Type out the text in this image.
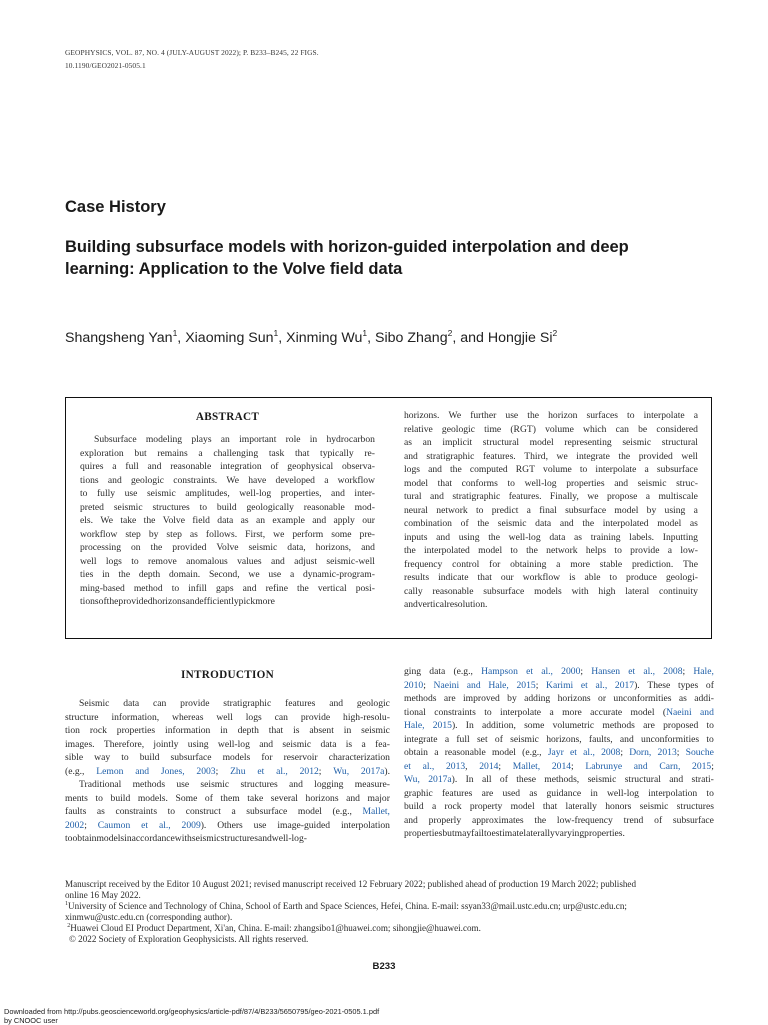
GEOPHYSICS, VOL. 87, NO. 4 (JULY-AUGUST 2022); P. B233–B245, 22 FIGS.
10.1190/GEO2021-0505.1
Case History
Building subsurface models with horizon-guided interpolation and deep
learning: Application to the Volve field data
Shangsheng Yan$^1$, Xiaoming Sun$^1$, Xinming Wu$^1$, Sibo Zhang$^2$, and Hongjie Si$^2$
ABSTRACT
Subsurface modeling plays an important role in hydrocarbon
exploration but remains a challenging task that typically re-
quires a full and reasonable integration of geophysical observa-
tions and geologic constraints. We have developed a workflow
to fully use seismic amplitudes, well-log properties, and inter-
preted seismic structures to build geologically reasonable mod-
els. We take the Volve field data as an example and apply our
workflow step by step as follows. First, we perform some pre-
processing on the provided Volve seismic data, horizons, and
well logs to remove anomalous values and adjust seismic-well
ties in the depth domain. Second, we use a dynamic-program-
ming-based method to infill gaps and refine the vertical posi-
tions of the provided horizons and efficiently pick more
horizons. We further use the horizon surfaces to interpolate a
relative geologic time (RGT) volume which can be considered
as an implicit structural model representing seismic structural
and stratigraphic features. Third, we integrate the provided well
logs and the computed RGT volume to interpolate a subsurface
model that conforms to well-log properties and seismic struc-
tural and stratigraphic features. Finally, we propose a multiscale
neural network to predict a final subsurface model by using a
combination of the seismic data and the interpolated model as
inputs and using the well-log data as training labels. Inputting
the interpolated model to the network helps to provide a low-
frequency control for obtaining a more stable prediction. The
results indicate that our workflow is able to produce geologi-
cally reasonable subsurface models with high lateral continuity
and vertical resolution.
INTRODUCTION
Seismic data can provide stratigraphic features and geologic
structure information, whereas well logs can provide high-resolu-
tion rock properties information in depth that is absent in seismic
images. Therefore, jointly using well-log and seismic data is a fea-
sible way to build subsurface models for reservoir characterization
(e.g., Lemon and Jones, 2003; Zhu et al., 2012; Wu, 2017a).
Traditional methods use seismic structures and logging measure-
ments to build models. Some of them take several horizons and major
faults as constraints to construct a subsurface model (e.g., Mallet,
2002; Caumon et al., 2009). Others use image-guided interpolation
to obtain models in accordance with seismic structures and well-log-
ging data (e.g., Hampson et al., 2000; Hansen et al., 2008; Hale,
2010; Naeini and Hale, 2015; Karimi et al., 2017). These types of
methods are improved by adding horizons or unconformities as addi-
tional constraints to interpolate a more accurate model (Naeini and
Hale, 2015). In addition, some volumetric methods are proposed to
integrate a full set of seismic horizons, faults, and unconformities to
obtain a reasonable model (e.g., Jayr et al., 2008; Dorn, 2013; Souche
et al., 2013, 2014; Mallet, 2014; Labrunye and Carn, 2015;
Wu, 2017a). In all of these methods, seismic structural and strati-
graphic features are used as guidance in well-log interpolation to
build a rock property model that laterally honors seismic structures
and properly approximates the low-frequency trend of subsurface
properties but may fail to estimate laterally varying properties.
Manuscript received by the Editor 10 August 2021; revised manuscript received 12 February 2022; published ahead of production 19 March 2022; published
online 16 May 2022.
$^1$University of Science and Technology of China, School of Earth and Space Sciences, Hefei, China. E-mail: ssyan33@mail.ustc.edu.cn; urp@ustc.edu.cn;
xinmwu@ustc.edu.cn (corresponding author).
$^2$Huawei Cloud EI Product Department, Xi'an, China. E-mail: zhangsibo1@huawei.com; sihongjie@huawei.com.
© 2022 Society of Exploration Geophysicists. All rights reserved.
B233
Downloaded from http://pubs.geoscienceworld.org/geophysics/article-pdf/87/4/B233/5650795/geo-2021-0505.1.pdf
by CNOOC user
